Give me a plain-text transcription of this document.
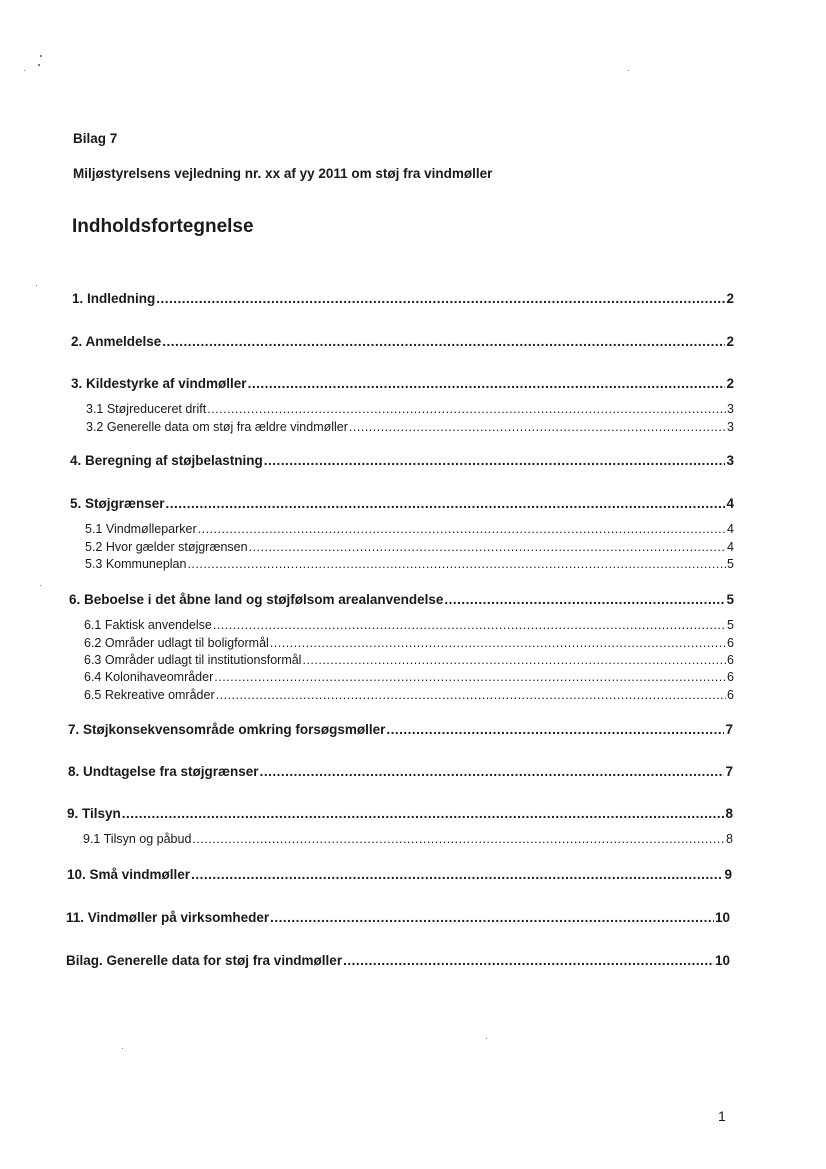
Bilag 7
Miljøstyrelsens vejledning nr. xx af yy 2011 om støj fra vindmøller
Indholdsfortegnelse
1. Indledning .....	2
2. Anmeldelse .....	2
3. Kildestyrke af vindmøller .....	2
3.1 Støjreduceret drift .....	3
3.2 Generelle data om støj fra ældre vindmøller .....	3
4. Beregning af støjbelastning .....	3
5. Støjgrænser .....	4
5.1 Vindmølleparker .....	4
5.2 Hvor gælder støjgrænsen .....	4
5.3 Kommuneplan .....	5
6. Beboelse i det åbne land og støjfølsom arealanvendelse .....	5
6.1 Faktisk anvendelse .....	5
6.2 Områder udlagt til boligformål .....	6
6.3 Områder udlagt til institutionsformål .....	6
6.4 Kolonihaveområder .....	6
6.5 Rekreative områder .....	6
7. Støjkonsekvensområde omkring forsøgsmøller .....	7
8. Undtagelse fra støjgrænser .....	7
9. Tilsyn .....	8
9.1 Tilsyn og påbud .....	8
10. Små vindmøller .....	9
11. Vindmøller på virksomheder .....	10
Bilag. Generelle data for støj fra vindmøller .....	10
1
